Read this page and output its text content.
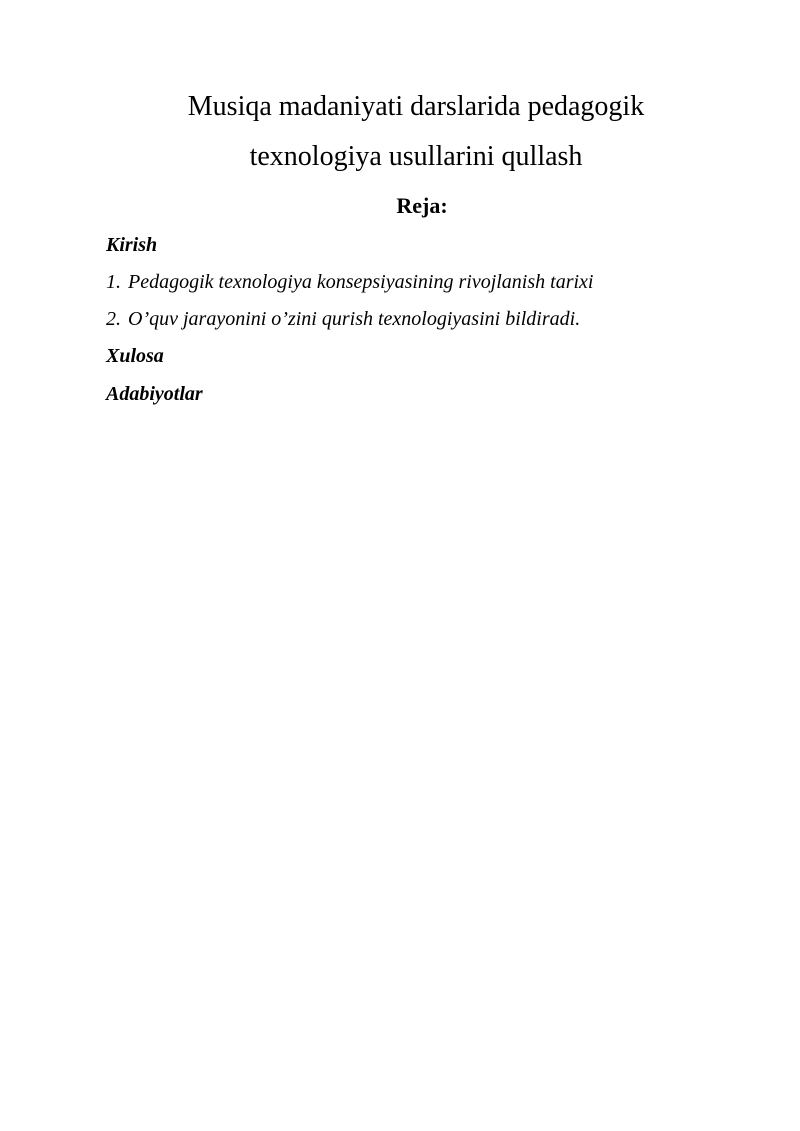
Musiqa madaniyati darslarida pedagogik
texnologiya usullarini qullash
Reja:
Kirish
1. Pedagogik texnologiya konsepsiyasining rivojlanish tarixi
2. O’quv jarayonini o’zini qurish texnologiyasini bildiradi.
Xulosa
Adabiyotlar
